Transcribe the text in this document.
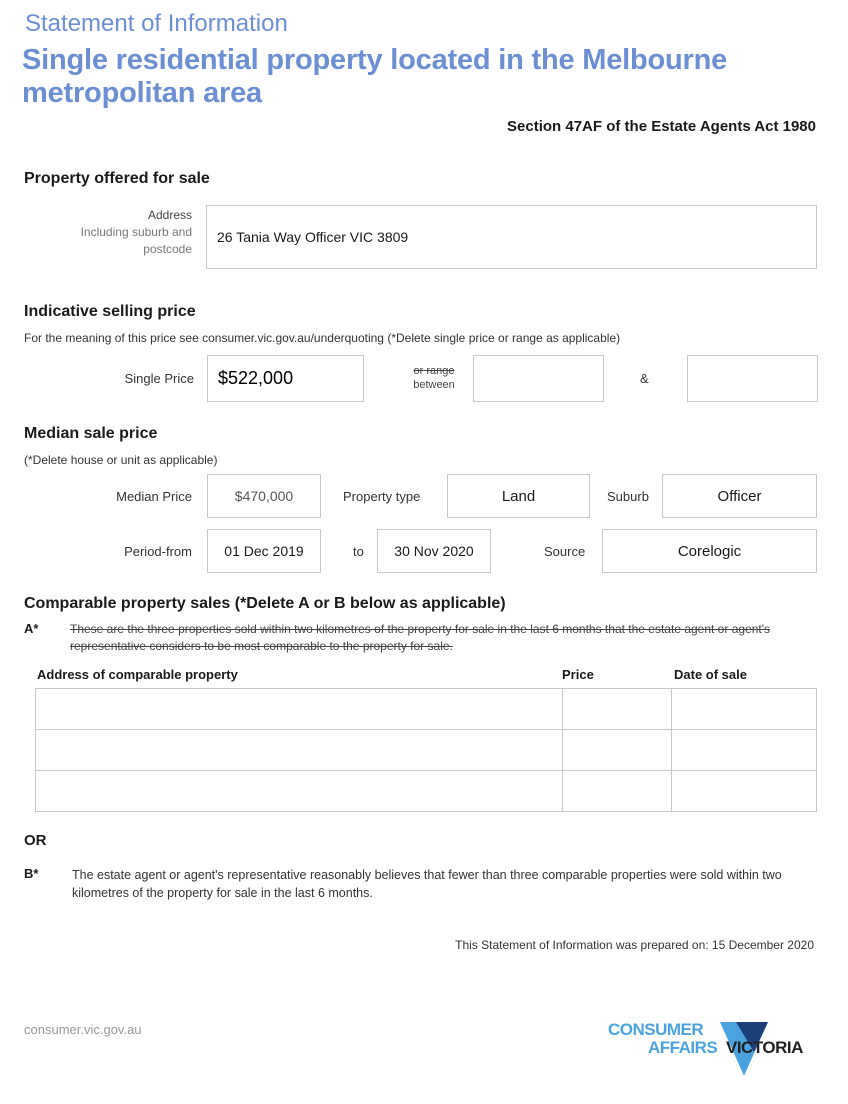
Statement of Information
Single residential property located in the Melbourne metropolitan area
Section 47AF of the Estate Agents Act 1980
Property offered for sale
Address
Including suburb and
postcode
26 Tania Way Officer VIC 3809
Indicative selling price
For the meaning of this price see consumer.vic.gov.au/underquoting (*Delete single price or range as applicable)
Single Price	$522,000	or range
between	&
Median sale price
(*Delete house or unit as applicable)
Median Price	$470,000	Property type	Land	Suburb	Officer
Period-from	01 Dec 2019	to	30 Nov 2020	Source	Corelogic
Comparable property sales (*Delete A or B below as applicable)
A*	These are the three properties sold within two kilometres of the property for sale in the last 6 months that the estate agent or agent's representative considers to be most comparable to the property for sale.
Address of comparable property	Price	Date of sale

OR
B*	The estate agent or agent's representative reasonably believes that fewer than three comparable properties were sold within two kilometres of the property for sale in the last 6 months.
This Statement of Information was prepared on: 15 December 2020
consumer.vic.gov.au	CONSUMER
AFFAIRS VICTORIA
